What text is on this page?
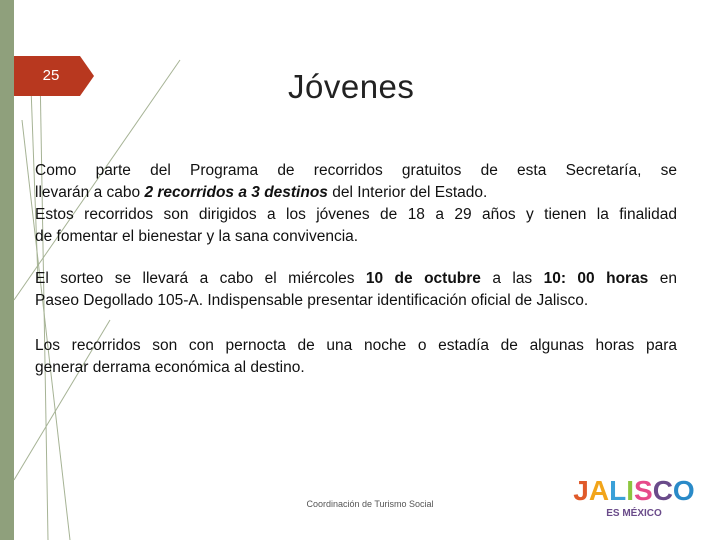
25	Jóvenes
Como parte del Programa de recorridos gratuitos de esta Secretaría, se
llevarán a cabo 2 recorridos a 3 destinos del Interior del Estado.
Estos recorridos son dirigidos a los jóvenes de 18 a 29 años y tienen la finalidad
de fomentar el bienestar y la sana convivencia.
El sorteo se llevará a cabo el miércoles 10 de octubre a las 10: 00 horas en
Paseo Degollado 105-A. Indispensable presentar identificación oficial de Jalisco.
Los recorridos son con pernocta de una noche o estadía de algunas horas para
generar derrama económica al destino.
Coordinación de Turismo Social	JALISCO
ES MÉXICO
